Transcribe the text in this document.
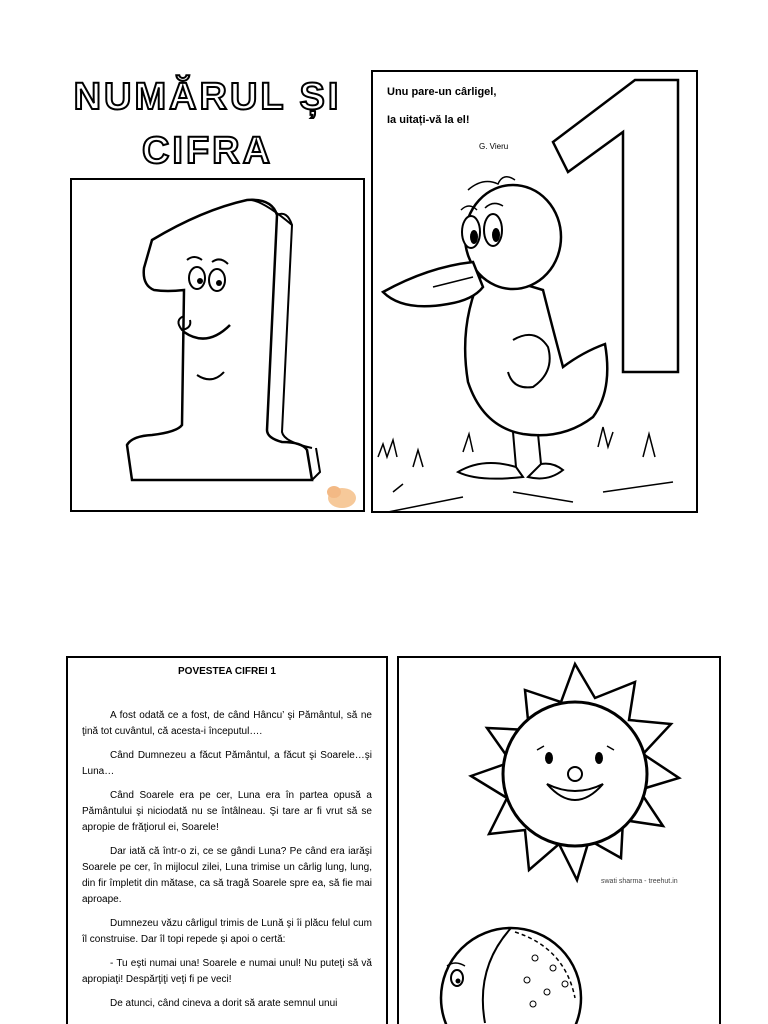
NUMĂRUL ȘI
CIFRA
Unu pare-un cârligel,
Ia uitați-vă la el!
G. Vieru
POVESTEA CIFREI 1

A fost odată ce a fost, de când Hâncu’ şi Pământul, să ne ţină tot cuvântul, că acesta-i începutul….

Când Dumnezeu a făcut Pământul, a făcut şi Soarele…şi Luna…

Când Soarele era pe cer, Luna era în partea opusă a Pământului şi niciodată nu se întâlneau. Şi tare ar fi vrut să se apropie de frăţiorul ei, Soarele!

Dar iată că într-o zi, ce se gândi Luna? Pe când era iarăşi Soarele pe cer, în mijlocul zilei, Luna trimise un cârlig lung, lung, din fir împletit din mătase, ca să tragă Soarele spre ea, să fie mai aproape.

Dumnezeu văzu cârligul trimis de Lună şi îi plăcu felul cum îl construise. Dar îl topi repede şi apoi o certă:

- Tu eşti numai una! Soarele e numai unul! Nu puteţi să vă apropiaţi! Despărţiţi veţi fi pe veci!

De atunci, când cineva a dorit să arate semnul unui

swati sharma - treehut.in
